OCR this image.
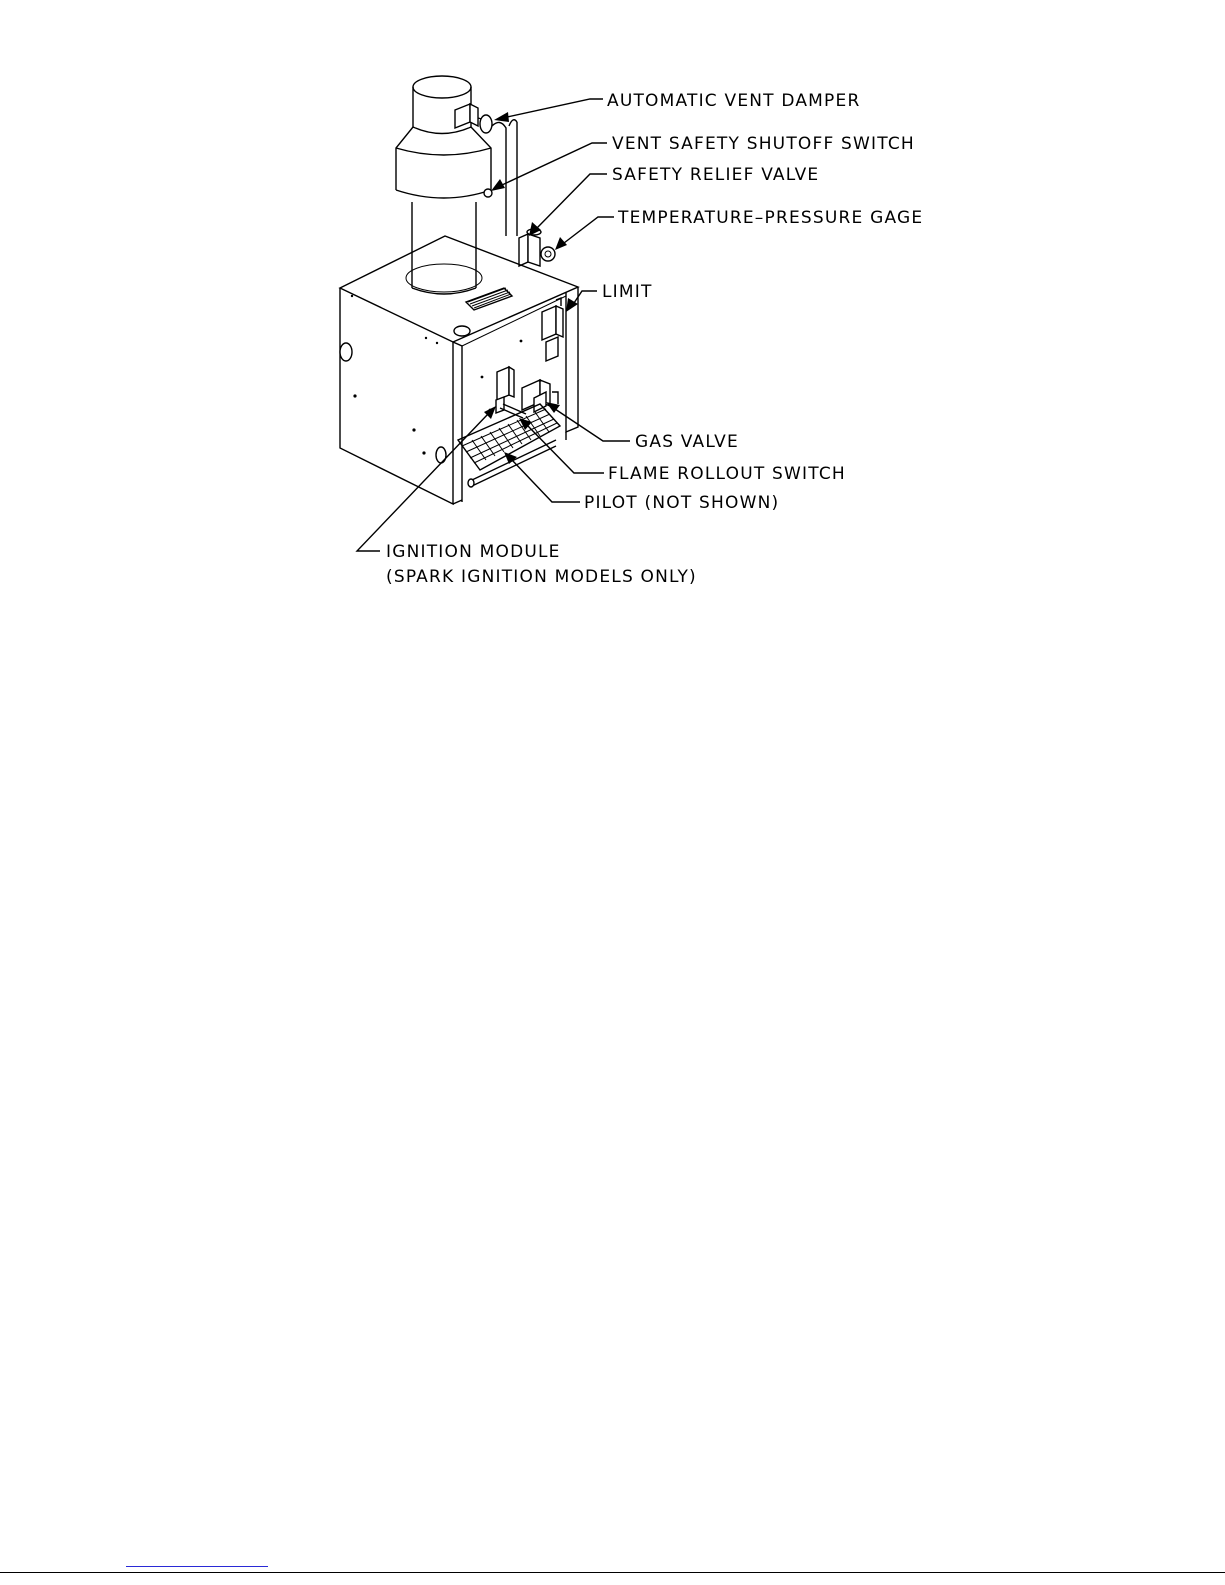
AUTOMATIC VENT DAMPER
VENT SAFETY SHUTOFF SWITCH
SAFETY RELIEF VALVE
TEMPERATURE–PRESSURE GAGE
LIMIT
GAS VALVE
FLAME ROLLOUT SWITCH
PILOT (NOT SHOWN)
IGNITION MODULE
(SPARK IGNITION MODELS ONLY)
